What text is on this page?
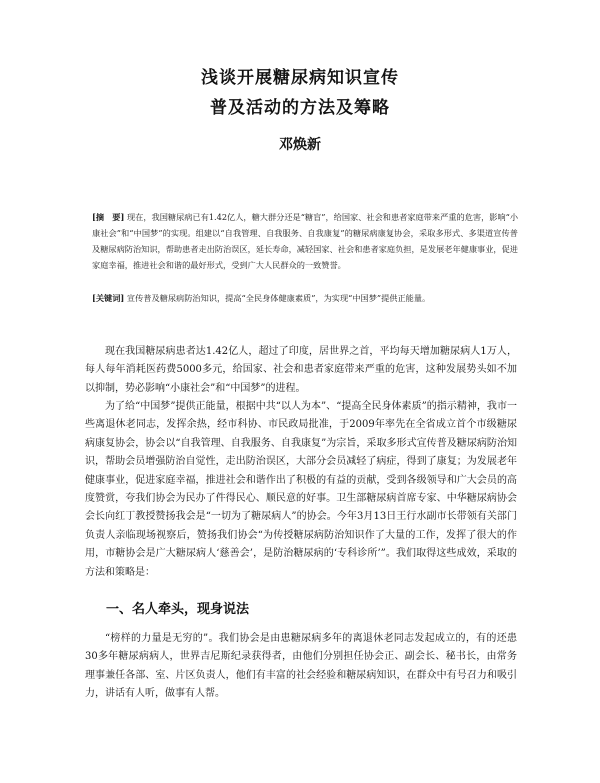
浅谈开展糖尿病知识宣传
普及活动的方法及筹略
邓焕新
[摘　要] 现在，我国糖尿病已有1.42亿人，糖大群分还是“糖盲”，给国家、社会和患者家庭带来严重的危害，影响“小康社会”和“中国梦”的实现。组建以“自我管理、自我服务、自我康复”的糖尿病康复协会，采取多形式、多渠道宣传普及糖尿病防治知识，帮助患者走出防治误区，延长寿命，减轻国家、社会和患者家庭负担，是发展老年健康事业，促进家庭幸福，推进社会和谐的最好形式，受到广大人民群众的一致赞誉。
[关键词] 宣传普及糖尿病防治知识，提高“全民身体健康素质”，为实现“中国梦”提供正能量。
现在我国糖尿病患者达1.42亿人，超过了印度，居世界之首，平均每天增加糖尿病人1万人，每人每年消耗医药费5000多元，给国家、社会和患者家庭带来严重的危害，这种发展势头如不加以抑制，势必影响“小康社会”和“中国梦”的进程。
为了给“中国梦”提供正能量，根据中共“以人为本”、“提高全民身体素质”的指示精神，我市一些离退休老同志，发挥余热，经市科协、市民政局批准，于2009年率先在全省成立首个市级糖尿病康复协会，协会以“自我管理、自我服务、自我康复”为宗旨，采取多形式宣传普及糖尿病防治知识，帮助会员增强防治自觉性，走出防治误区，大部分会员减轻了病症，得到了康复；为发展老年健康事业，促进家庭幸福，推进社会和谐作出了积极的有益的贡献，受到各级领导和广大会员的高度赞赏，夸我们协会为民办了件得民心、顺民意的好事。卫生部糖尿病首席专家、中华糖尿病协会会长向红丁教授赞扬我会是“一切为了糖尿病人”的协会。今年3月13日王行水副市长带领有关部门负责人亲临现场视察后，赞扬我们协会“为传授糖尿病防治知识作了大量的工作，发挥了很大的作用，市糖协会是广大糖尿病人‘慈善会’，是防治糖尿病的‘专科诊所’”。我们取得这些成效，采取的方法和策略是：
一、名人牵头，现身说法
“榜样的力量是无穷的”。我们协会是由患糖尿病多年的离退休老同志发起成立的，有的还患30多年糖尿病病人，世界吉尼斯纪录获得者，由他们分别担任协会正、副会长、秘书长，由常务理事兼任各部、室、片区负责人，他们有丰富的社会经验和糖尿病知识，在群众中有号召力和吸引力，讲话有人听，做事有人帮。
